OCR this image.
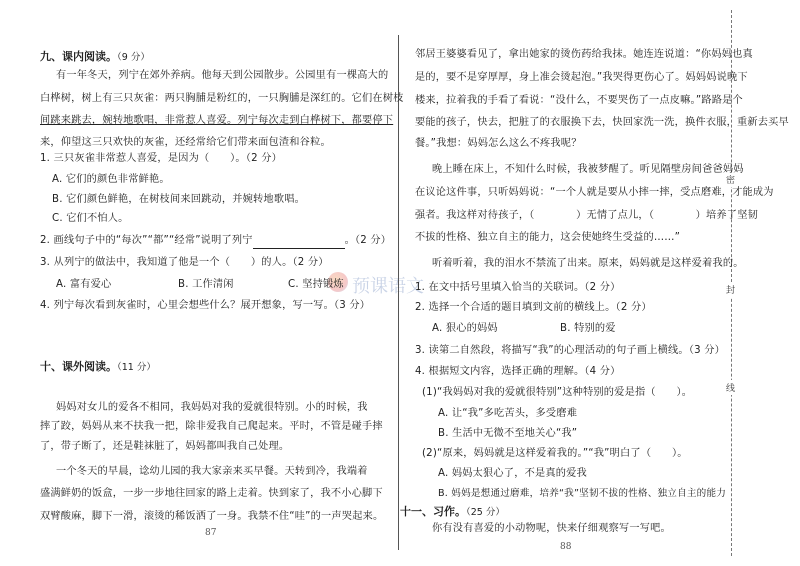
预课语文
密
封
线
九、课内阅读。（9 分）
有一年冬天，列宁在郊外养病。他每天到公园散步。公园里有一棵高大的
白桦树，树上有三只灰雀：两只胸脯是粉红的，一只胸脯是深红的。它们在树枝
间跳来跳去，婉转地歌唱，非常惹人喜爱。列宁每次走到白桦树下，都要停下
来，仰望这三只欢快的灰雀，还经常给它们带来面包渣和谷粒。
1. 三只灰雀非常惹人喜爱，是因为（　　）。（2 分）
A. 它们的颜色非常鲜艳。
B. 它们颜色鲜艳，在树枝间来回跳动，并婉转地歌唱。
C. 它们不怕人。
2. 画线句子中的“每次”“都”“经常”说明了列宁	。（2 分）
3. 从列宁的做法中，我知道了他是一个（　　）的人。（2 分）
A. 富有爱心	B. 工作清闲	C. 坚持锻炼
4. 列宁每次看到灰雀时，心里会想些什么？展开想象，写一写。（3 分）
十、课外阅读。（11 分）
妈妈对女儿的爱各不相同，我妈妈对我的爱就很特别。小的时候，我
摔了跤，妈妈从来不扶我一把，除非爱我自己爬起来。平时，不管是碰手摔
了，带子断了，还是鞋袜脏了，妈妈都叫我自己处理。
一个冬天的早晨，谂幼儿园的我大家亲来买早餐。天转到冷，我端着
盛满鲜奶的饭盒，一步一步地往回家的路上走着。快到家了，我不小心脚下
双臂酸麻，脚下一滑，滚烫的稀饭洒了一身。我禁不住“哇”的一声哭起来。
87
邻居王婆婆看见了，拿出她家的烫伤药给我抹。她连连说道：“你妈妈也真
是的，要不是穿厚厚，身上准会烫起泡。”我哭得更伤心了。妈妈妈说晚下
楼来，拉着我的手看了看说：“没什么，不要哭伤了一点皮嘛。”路路是个
要能的孩子，快去，把脏了的衣服换下去，快回家洗一洗，换件衣服，重新去买早
餐。”我想：妈妈怎么这么不疼我呢？
晚上睡在床上，不知什么时候，我被梦醒了。听见隔壁房间爸爸妈妈
在议论这件事，只听妈妈说：“一个人就是要从小摔一摔，受点磨难，才能成为
强者。我这样对待孩子，（　　　　）无情了点儿，（　　　　）培养了坚韧
不拔的性格、独立自主的能力，这会使她终生受益的……”
听着听着，我的泪水不禁流了出来。原来，妈妈就是这样爱着我的。
1. 在文中括号里填入恰当的关联词。（2 分）
2. 选择一个合适的题目填到文前的横线上。（2 分）
A. 狠心的妈妈	B. 特别的爱
3. 读第二自然段，将描写“我”的心理活动的句子画上横线。（3 分）
4. 根据短文内容，选择正确的理解。（4 分）
(1)“我妈妈对我的爱就很特别”这种特别的爱是指（　　）。
A. 让“我”多吃苦头，多受磨难
B. 生活中无微不至地关心“我”
(2)“原来，妈妈就是这样爱着我的。”“我”明白了（　　）。
A. 妈妈太狠心了，不是真的爱我
B. 妈妈是想通过磨难，培养“我”坚韧不拔的性格、独立自主的能力
十一、习作。（25 分）
你有没有喜爱的小动物呢，快来仔细观察写一写吧。
88
